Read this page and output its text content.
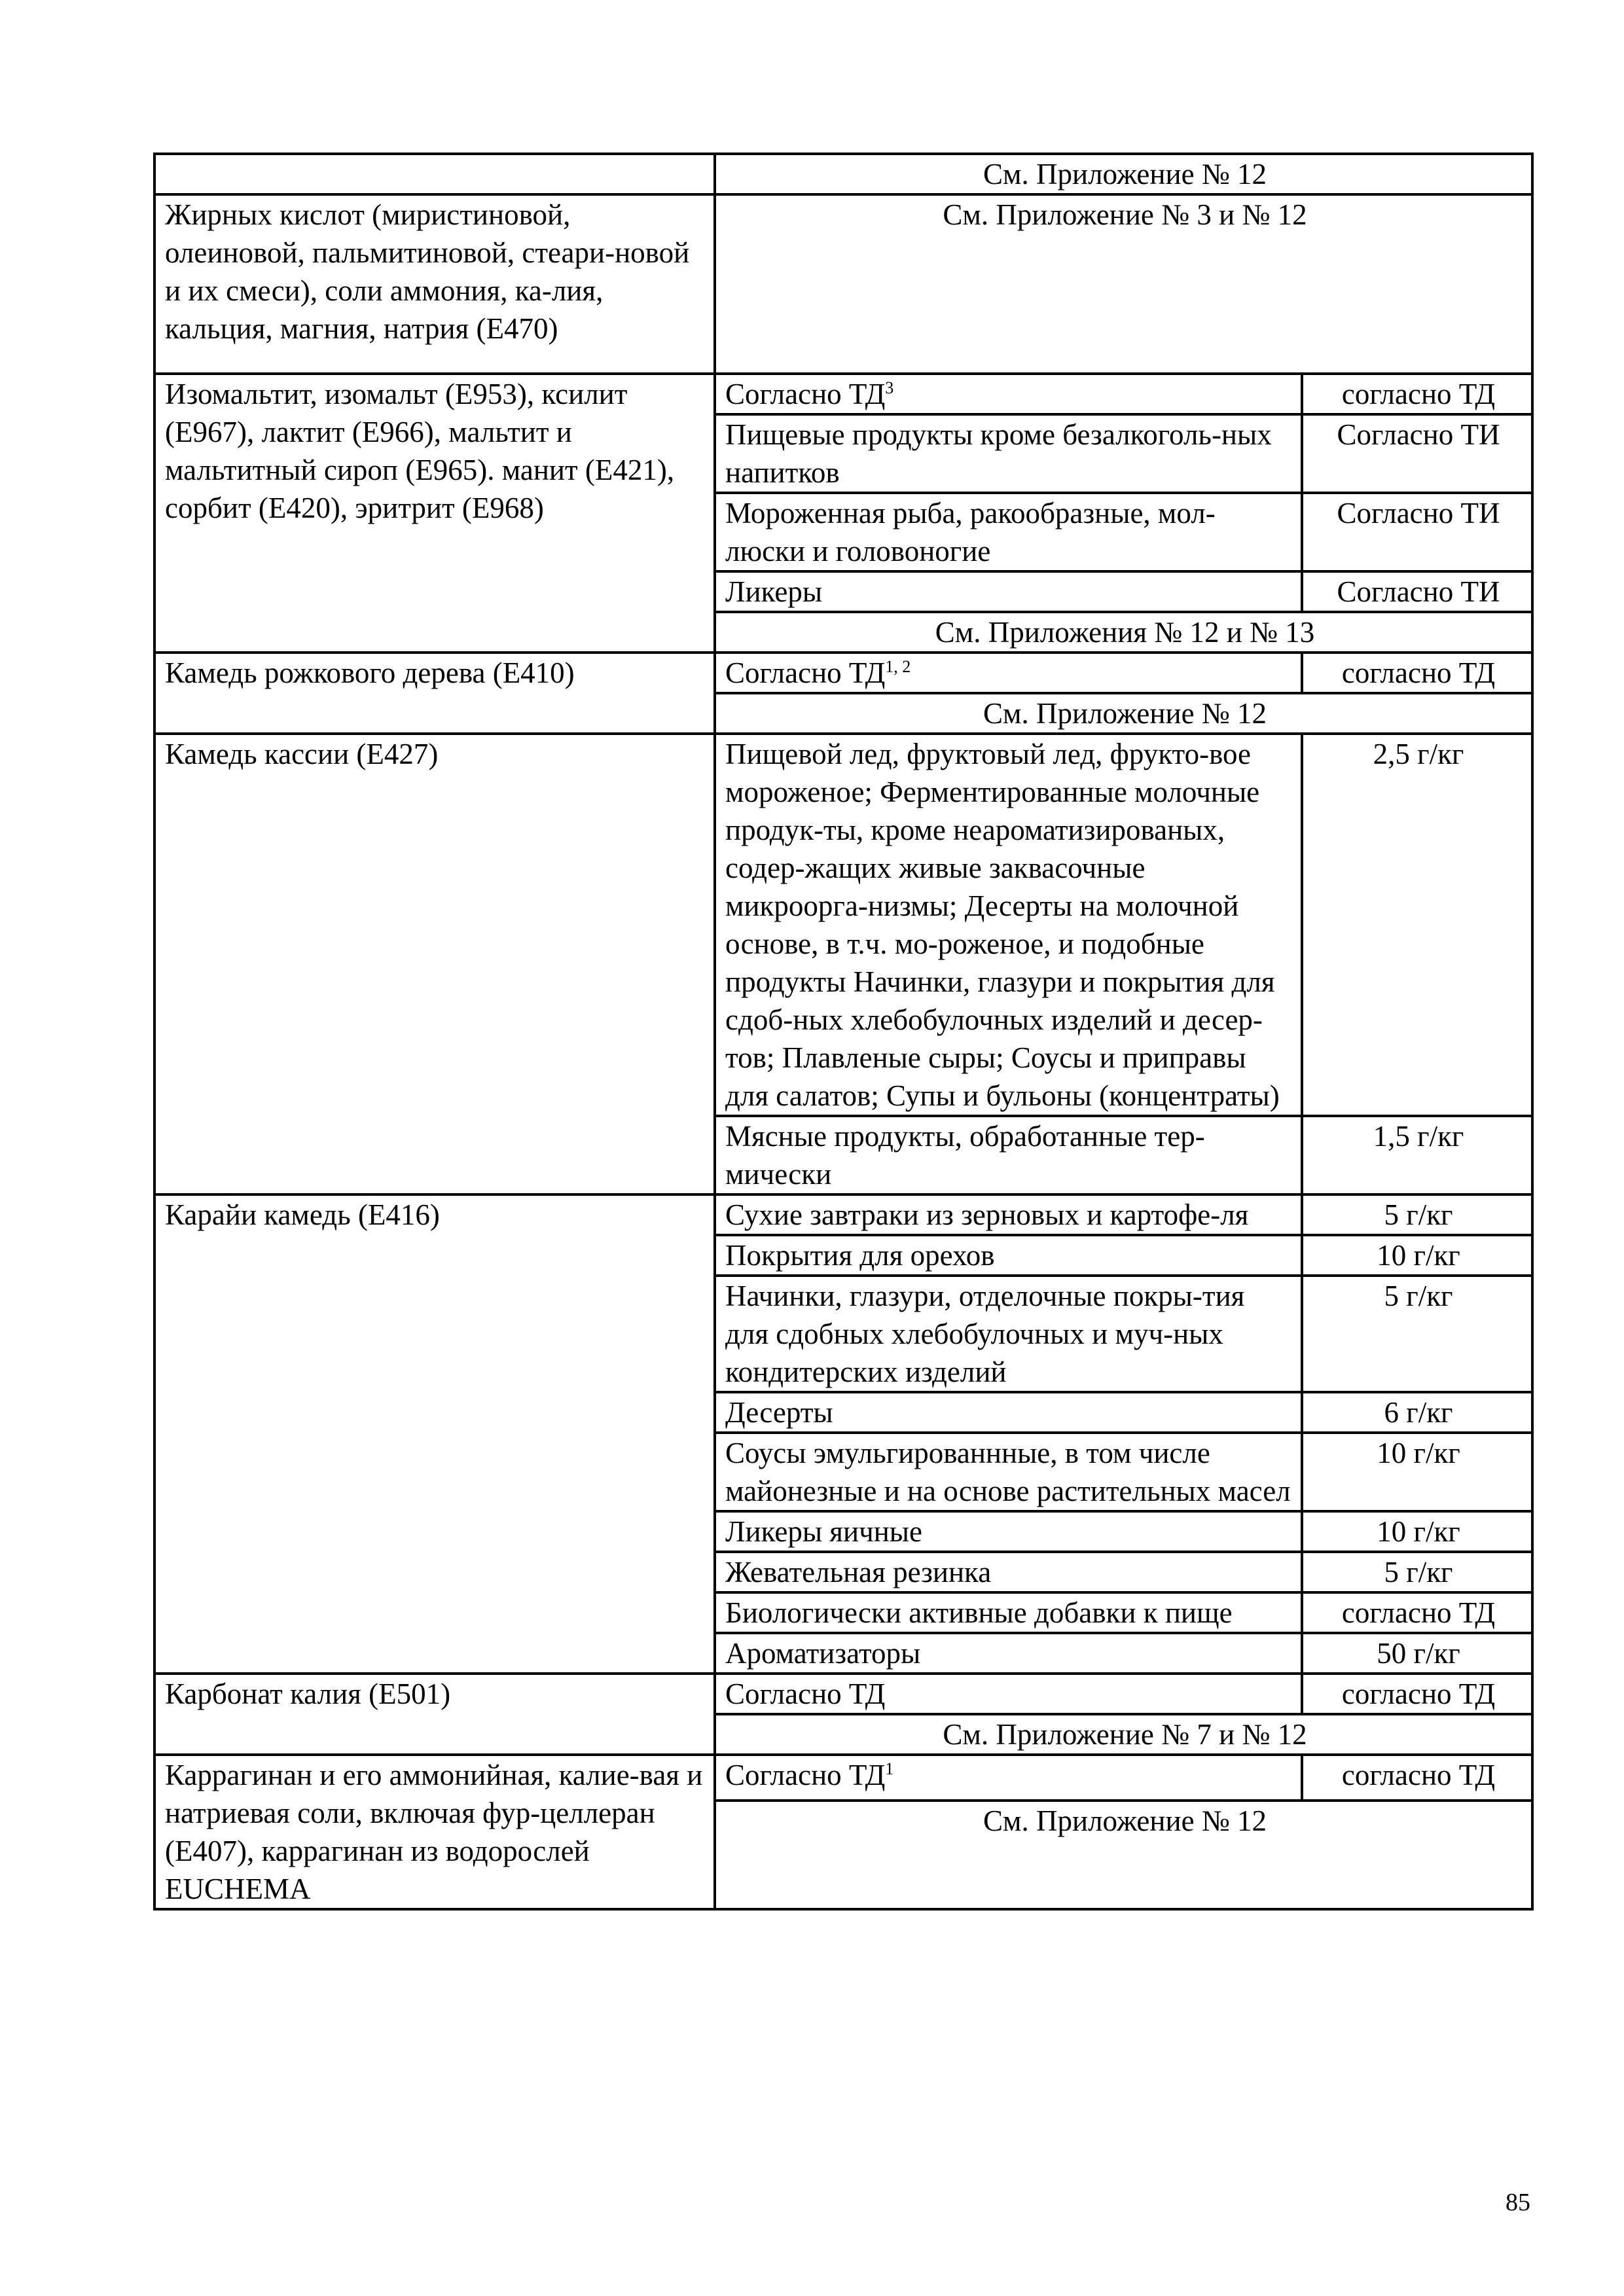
	См. Приложение № 12	
Жирных кислот (миристиновой, олеиновой, пальмитиновой, стеари-новой и их смеси), соли аммония, ка-лия, кальция, магния, натрия (Е470)	См. Приложение № 3 и № 12	
Изомальтит, изомальт (Е953), ксилит (Е967), лактит (Е966), мальтит и мальтитный сироп (Е965). манит (Е421), сорбит (Е420), эритрит (Е968)	Согласно $ТД^3$	согласно ТД
	Пищевые продукты кроме безалкоголь-ных напитков	Согласно ТИ
	Мороженная рыба, ракообразные, мол-люски и головоногие	Согласно ТИ
	Ликеры	Согласно ТИ
	См. Приложения № 12 и № 13	
Камедь рожкового дерева (Е410)	Согласно ТД$^{1, 2}$	согласно ТД
	См. Приложение № 12	
Камедь кассии (Е427)	Пищевой лед, фруктовый лед, фрукто-вое мороженое; Ферментированные молочные продук-ты, кроме неароматизированых, содер-жащих живые заквасочные микроорга-низмы; Десерты на молочной основе, в т.ч. мо-роженое, и подобные продукты Начинки, глазури и покрытия для сдоб-ных хлебобулочных изделий и десер-тов; Плавленые сыры; Соусы и приправы для салатов; Супы и бульоны (концентраты)	2,5 г/кг
	Мясные продукты, обработанные тер-мически	1,5 г/кг
Карайи камедь (Е416)	Сухие завтраки из зерновых и картофе-ля	5 г/кг
	Покрытия для орехов	10 г/кг
	Начинки, глазури, отделочные покры-тия для сдобных хлебобулочных и муч-ных кондитерских изделий	5 г/кг
	Десерты	6 г/кг
	Соусы эмульгированнные, в том числе майонезные и на основе растительных масел	10 г/кг
	Ликеры яичные	10 г/кг
	Жевательная резинка	5 г/кг
	Биологически активные добавки к пище	согласно ТД
	Ароматизаторы	50 г/кг
Карбонат калия (Е501)	Согласно ТД	согласно ТД
	См. Приложение № 7 и № 12	
Каррагинан и его аммонийная, калие-вая и натриевая соли, включая фур-целлеран (Е407), каррагинан из водорослей EUCHEMA	Согласно $ТД^1$	согласно ТД
	См. Приложение № 12	
85
